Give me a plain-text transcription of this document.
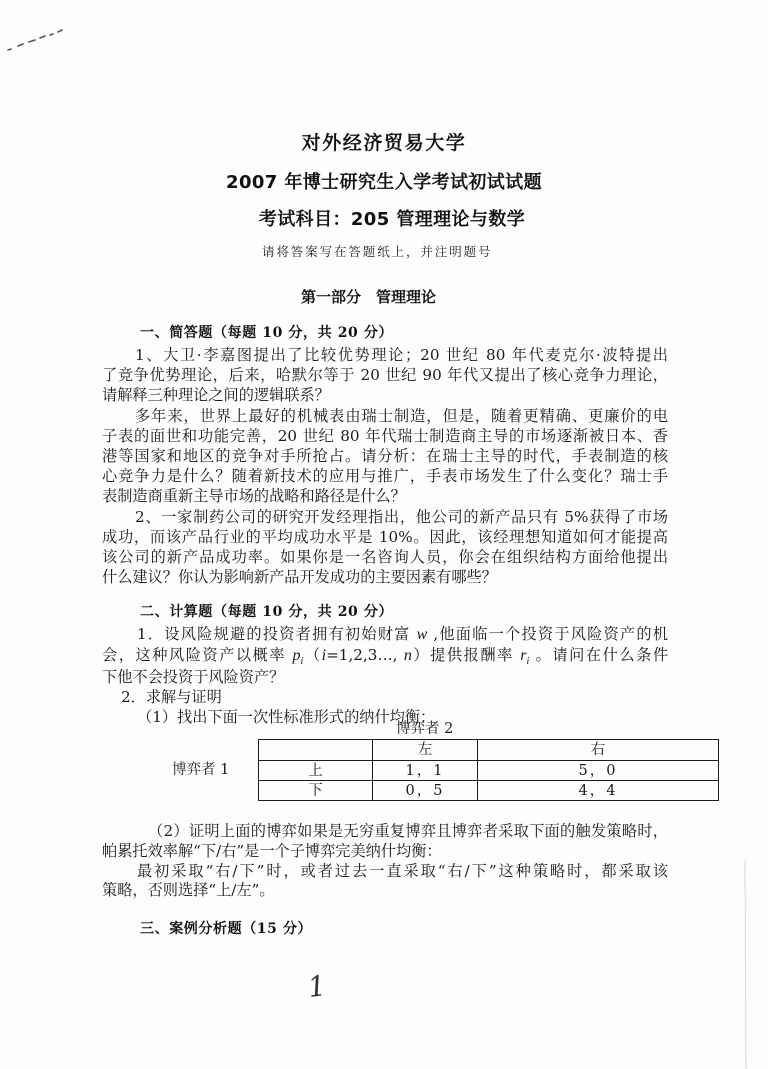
对外经济贸易大学
2007 年博士研究生入学考试初试试题
考试科目：205 管理理论与数学
请将答案写在答题纸上，并注明题号
第一部分　管理理论
一、简答题（每题 10 分，共 20 分）
1、大卫·李嘉图提出了比较优势理论；20 世纪 80 年代麦克尔·波特提出
了竞争优势理论，后来，哈默尔等于 20 世纪 90 年代又提出了核心竞争力理论，
请解释三种理论之间的逻辑联系？
多年来，世界上最好的机械表由瑞士制造，但是，随着更精确、更廉价的电
子表的面世和功能完善，20 世纪 80 年代瑞士制造商主导的市场逐渐被日本、香
港等国家和地区的竞争对手所抢占。请分析：在瑞士主导的时代，手表制造的核
心竞争力是什么？随着新技术的应用与推广，手表市场发生了什么变化？瑞士手
表制造商重新主导市场的战略和路径是什么？
2、一家制药公司的研究开发经理指出，他公司的新产品只有 5%获得了市场
成功，而该产品行业的平均成功水平是 10%。因此，该经理想知道如何才能提高
该公司的新产品成功率。如果你是一名咨询人员，你会在组织结构方面给他提出
什么建议？你认为影响新产品开发成功的主要因素有哪些？
二、计算题（每题 10 分，共 20 分）
1．设风险规避的投资者拥有初始财富 w ,他面临一个投资于风险资产的机
会，这种风险资产以概率 $p_i(i=1,2,3\dots$, n）提供报酬率 $r_i$ 。请问在什么条件
下他不会投资于风险资产？
2．求解与证明
（1）找出下面一次性标准形式的纳什均衡：
博弈者 2
博弈者 1
	左	右
上	1，1	5，0
下	0，5	4，4
（2）证明上面的博弈如果是无穷重复博弈且博弈者采取下面的触发策略时，
帕累托效率解“下/右”是一个子博弈完美纳什均衡：
最初采取“右/下”时，或者过去一直采取“右/下”这种策略时，都采取该
策略，否则选择“上/左”。
三、案例分析题（15 分）
1
